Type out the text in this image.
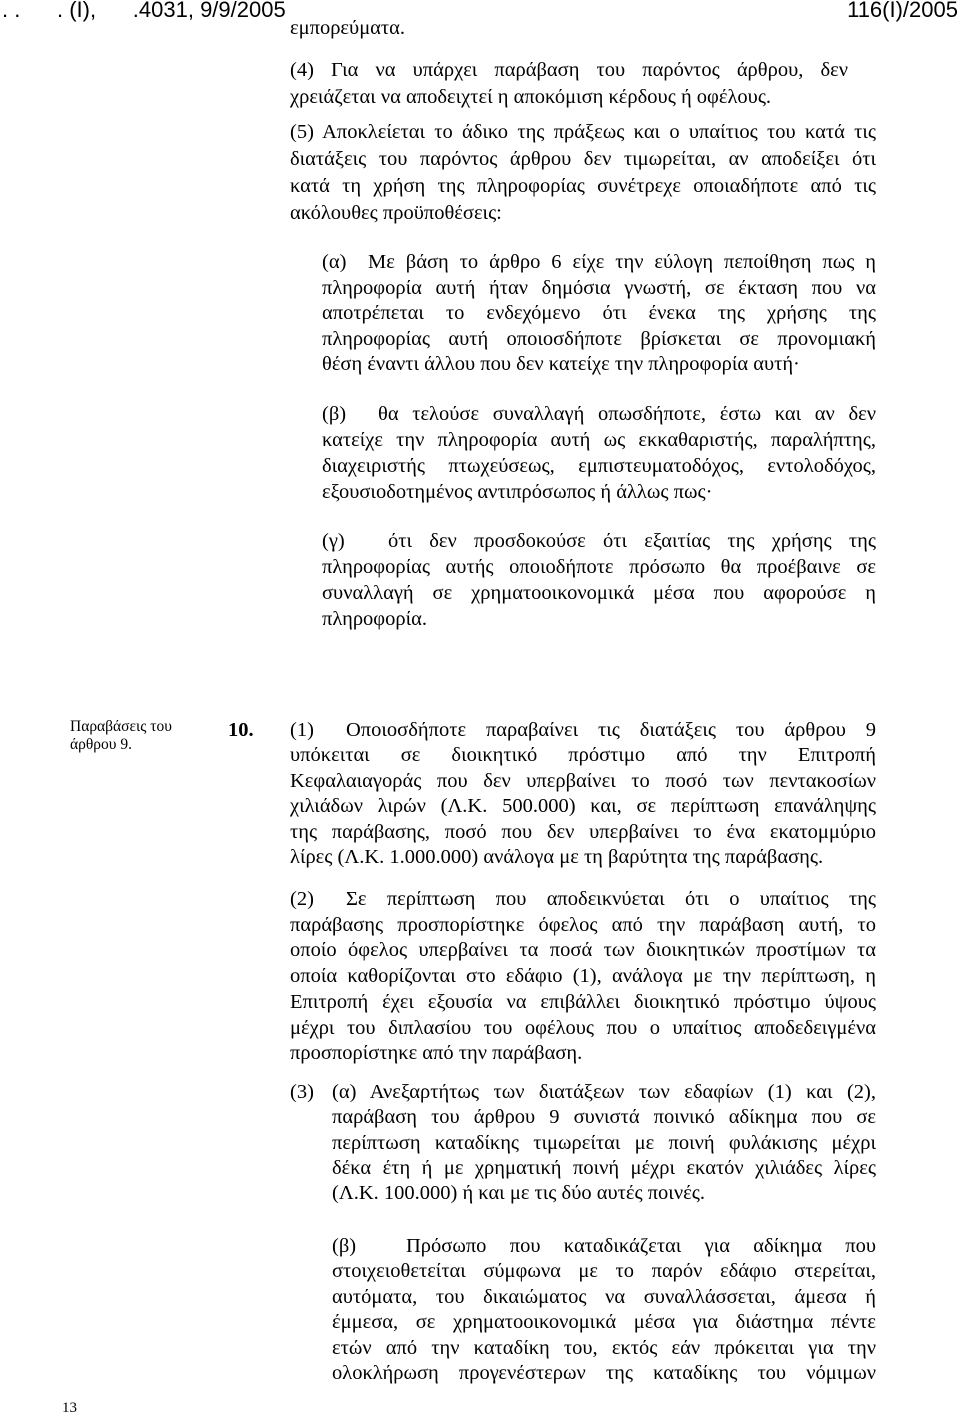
. .      . (Ι),      .4031, 9/9/2005	116(Ι)/2005
εμπορεύματα.
(4) Για να υπάρχει παράβαση του παρόντος άρθρου, δεν
χρειάζεται να αποδειχτεί η αποκόμιση κέρδους ή οφέλους.
(5) Αποκλείεται το άδικο της πράξεως και ο υπαίτιος του κατά τις
διατάξεις του παρόντος άρθρου δεν τιμωρείται, αν αποδείξει ότι
κατά τη χρήση της πληροφορίας συνέτρεχε οποιαδήποτε από τις
ακόλουθες προϋποθέσεις:
(α) Με βάση το άρθρο 6 είχε την εύλογη πεποίθηση πως η
πληροφορία αυτή ήταν δημόσια γνωστή, σε έκταση που να
αποτρέπεται το ενδεχόμενο ότι ένεκα της χρήσης της
πληροφορίας αυτή οποιοσδήποτε βρίσκεται σε προνομιακή
θέση έναντι άλλου που δεν κατείχε την πληροφορία αυτή·
(β) θα τελούσε συναλλαγή οπωσδήποτε, έστω και αν δεν
κατείχε την πληροφορία αυτή ως εκκαθαριστής, παραλήπτης,
διαχειριστής πτωχεύσεως, εμπιστευματοδόχος, εντολοδόχος,
εξουσιοδοτημένος αντιπρόσωπος ή άλλως πως·
(γ) ότι δεν προσδοκούσε ότι εξαιτίας της χρήσης της
πληροφορίας αυτής οποιοδήποτε πρόσωπο θα προέβαινε σε
συναλλαγή σε χρηματοοικονομικά μέσα που αφορούσε η
πληροφορία.
Παραβάσεις του
άρθρου 9.
10. (1) Οποιοσδήποτε παραβαίνει τις διατάξεις του άρθρου 9
υπόκειται σε διοικητικό πρόστιμο από την Επιτροπή
Κεφαλαιαγοράς που δεν υπερβαίνει το ποσό των πεντακοσίων
χιλιάδων λιρών (Λ.Κ. 500.000) και, σε περίπτωση επανάληψης
της παράβασης, ποσό που δεν υπερβαίνει το ένα εκατομμύριο
λίρες (Λ.Κ. 1.000.000) ανάλογα με τη βαρύτητα της παράβασης.
(2) Σε περίπτωση που αποδεικνύεται ότι ο υπαίτιος της
παράβασης προσπορίστηκε όφελος από την παράβαση αυτή, το
οποίο όφελος υπερβαίνει τα ποσά των διοικητικών προστίμων τα
οποία καθορίζονται στο εδάφιο (1), ανάλογα με την περίπτωση, η
Επιτροπή έχει εξουσία να επιβάλλει διοικητικό πρόστιμο ύψους
μέχρι του διπλασίου του οφέλους που ο υπαίτιος αποδεδειγμένα
προσπορίστηκε από την παράβαση.
(3) (α) Ανεξαρτήτως των διατάξεων των εδαφίων (1) και (2),
παράβαση του άρθρου 9 συνιστά ποινικό αδίκημα που σε
περίπτωση καταδίκης τιμωρείται με ποινή φυλάκισης μέχρι
δέκα έτη ή με χρηματική ποινή μέχρι εκατόν χιλιάδες λίρες
(Λ.Κ. 100.000) ή και με τις δύο αυτές ποινές.
(β) Πρόσωπο που καταδικάζεται για αδίκημα που
στοιχειοθετείται σύμφωνα με το παρόν εδάφιο στερείται,
αυτόματα, του δικαιώματος να συναλλάσσεται, άμεσα ή
έμμεσα, σε χρηματοοικονομικά μέσα για διάστημα πέντε
ετών από την καταδίκη του, εκτός εάν πρόκειται για την
ολοκλήρωση προγενέστερων της καταδίκης του νόμιμων
13
